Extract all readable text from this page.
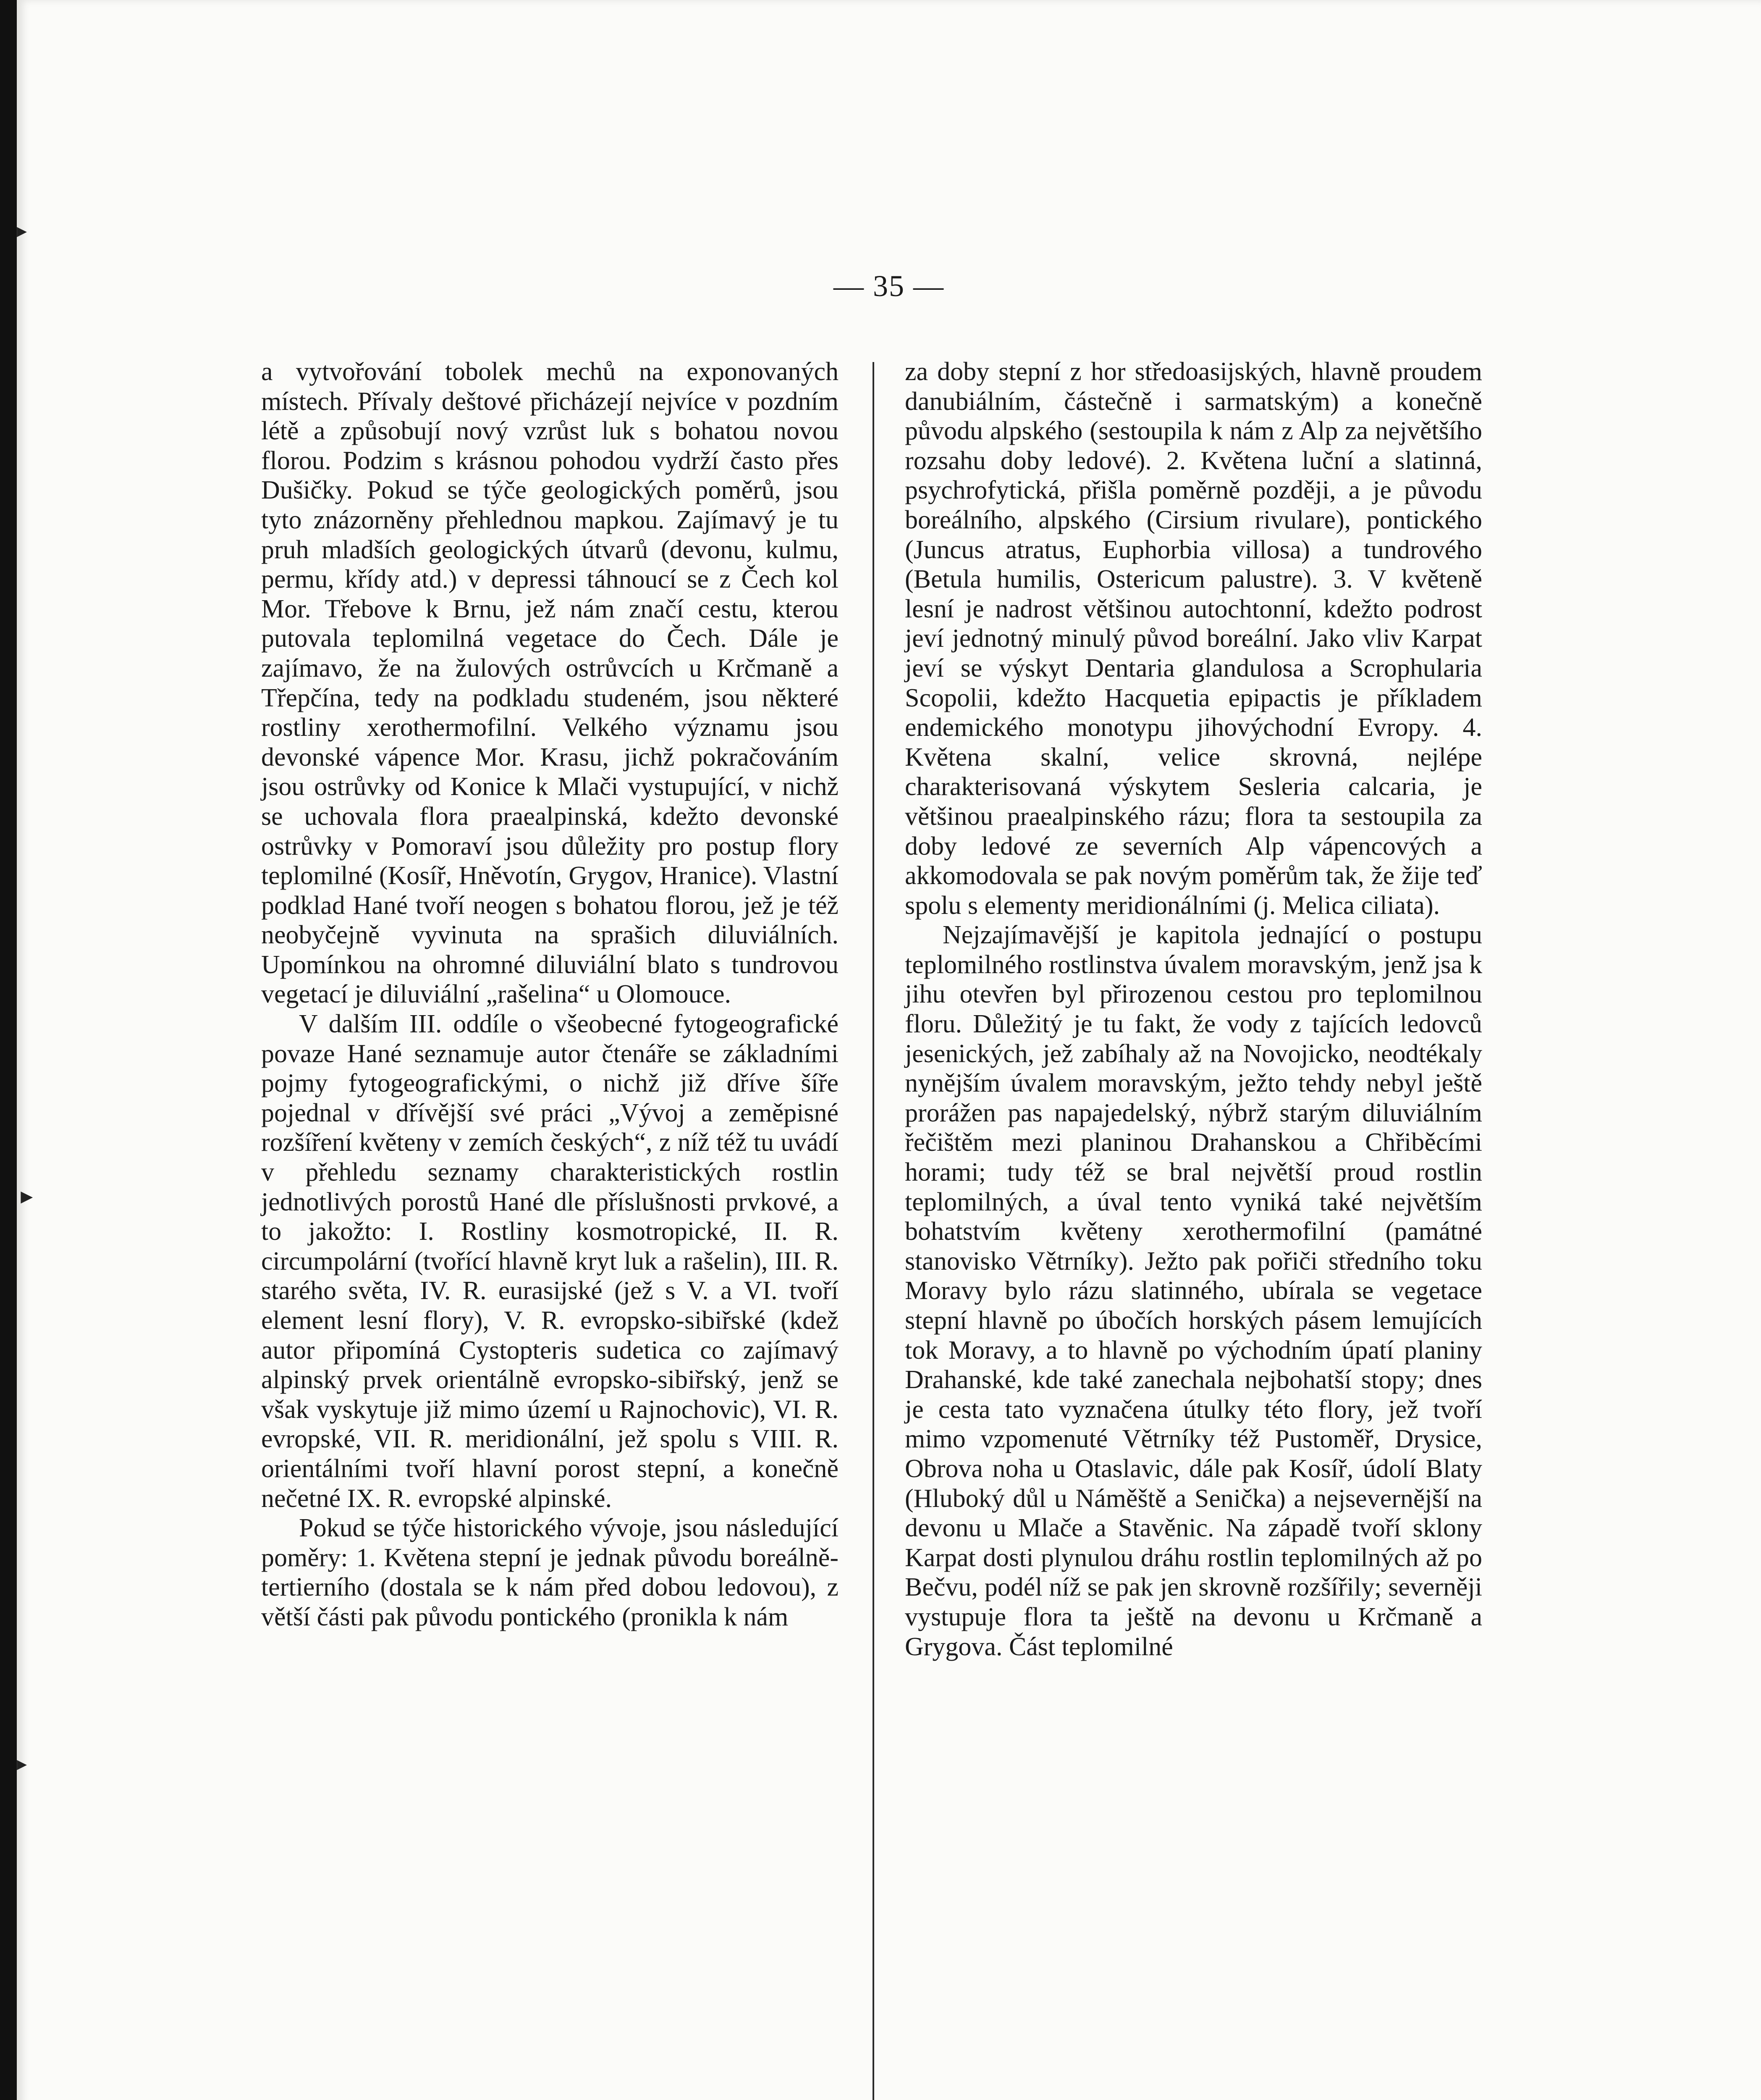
▸
►
▸
— 35 —

a vytvořování tobolek mechů na exponovaných místech. Přívaly deštové přicházejí nejvíce v pozdním létě a způsobují nový vzrůst luk s bohatou novou florou. Podzim s krásnou pohodou vydrží často přes Dušičky. Pokud se týče geologických poměrů, jsou tyto znázorněny přehlednou mapkou. Zajímavý je tu pruh mladších geologických útvarů (devonu, kulmu, permu, křídy atd.) v depressi táhnoucí se z Čech kol Mor. Třebove k Brnu, jež nám značí cestu, kterou putovala teplomilná vegetace do Čech. Dále je zajímavo, že na žulových ostrůvcích u Krčmaně a Třepčína, tedy na podkladu studeném, jsou některé rostliny xerothermofilní. Velkého významu jsou devonské vápence Mor. Krasu, jichž pokračováním jsou ostrůvky od Konice k Mlači vystupující, v nichž se uchovala flora praealpinská, kdežto devonské ostrůvky v Pomoraví jsou důležity pro postup flory teplomilné (Kosíř, Hněvotín, Grygov, Hranice). Vlastní podklad Hané tvoří neogen s bohatou florou, jež je též neobyčejně vyvinuta na sprašich diluviálních. Upomínkou na ohromné diluviální blato s tundrovou vegetací je diluviální „rašelina“ u Olomouce.

V dalším III. oddíle o všeobecné fytogeografické povaze Hané seznamuje autor čtenáře se základními pojmy fytogeografickými, o nichž již dříve šíře pojednal v dřívější své práci „Vývoj a zeměpisné rozšíření květeny v zemích českých“, z níž též tu uvádí v přehledu seznamy charakteristických rostlin jednotlivých porostů Hané dle příslušnosti prvkové, a to jakožto: I. Rostliny kosmotropické, II. R. circumpolární (tvořící hlavně kryt luk a rašelin), III. R. starého světa, IV. R. eurasijské (jež s V. a VI. tvoří element lesní flory), V. R. evropsko-sibiřské (kdež autor připomíná Cystopteris sudetica co zajímavý alpinský prvek orientálně evropsko-sibiřský, jenž se však vyskytuje již mimo území u Rajnochovic), VI. R. evropské, VII. R. meridionální, jež spolu s VIII. R. orientálními tvoří hlavní porost stepní, a konečně nečetné IX. R. evropské alpinské.

Pokud se týče historického vývoje, jsou následující poměry: 1. Květena stepní je jednak původu boreálně-tertierního (dostala se k nám před dobou ledovou), z větší části pak původu pontického (pronikla k nám

za doby stepní z hor středoasijských, hlavně proudem danubiálním, částečně i sarmatským) a konečně původu alpského (sestoupila k nám z Alp za největšího rozsahu doby ledové). 2. Květena luční a slatinná, psychrofytická, přišla poměrně později, a je původu boreálního, alpského (Cirsium rivulare), pontického (Juncus atratus, Euphorbia villosa) a tundrového (Betula humilis, Ostericum palustre). 3. V květeně lesní je nadrost většinou autochtonní, kdežto podrost jeví jednotný minulý původ boreální. Jako vliv Karpat jeví se výskyt Dentaria glandulosa a Scrophularia Scopolii, kdežto Hacquetia epipactis je příkladem endemického monotypu jihovýchodní Evropy. 4. Květena skalní, velice skrovná, nejlépe charakterisovaná výskytem Sesleria calcaria, je většinou praealpinského rázu; flora ta sestoupila za doby ledové ze severních Alp vápencových a akkomodovala se pak novým poměrům tak, že žije teď spolu s elementy meridionálními (j. Melica ciliata).

Nejzajímavější je kapitola jednající o postupu teplomilného rostlinstva úvalem moravským, jenž jsa k jihu otevřen byl přirozenou cestou pro teplomilnou floru. Důležitý je tu fakt, že vody z tajících ledovců jesenických, jež zabíhaly až na Novojicko, neodtékaly nynějším úvalem moravským, ježto tehdy nebyl ještě prorážen pas napajedelský, nýbrž starým diluviálním řečištěm mezi planinou Drahanskou a Chřiběcími horami; tudy též se bral největší proud rostlin teplomilných, a úval tento vyniká také největším bohatstvím květeny xerothermofilní (památné stanovisko Větrníky). Ježto pak pořiči středního toku Moravy bylo rázu slatinného, ubírala se vegetace stepní hlavně po úbočích horských pásem lemujících tok Moravy, a to hlavně po východním úpatí planiny Drahanské, kde také zanechala nejbohatší stopy; dnes je cesta tato vyznačena útulky této flory, jež tvoří mimo vzpomenuté Větrníky též Pustoměř, Drysice, Obrova noha u Otaslavic, dále pak Kosíř, údolí Blaty (Hluboký důl u Náměště a Senička) a nejsevernější na devonu u Mlače a Stavěnic. Na západě tvoří sklony Karpat dosti plynulou dráhu rostlin teplomilných až po Bečvu, podél níž se pak jen skrovně rozšířily; severněji vystupuje flora ta ještě na devonu u Krčmaně a Grygova. Část teplomilné
